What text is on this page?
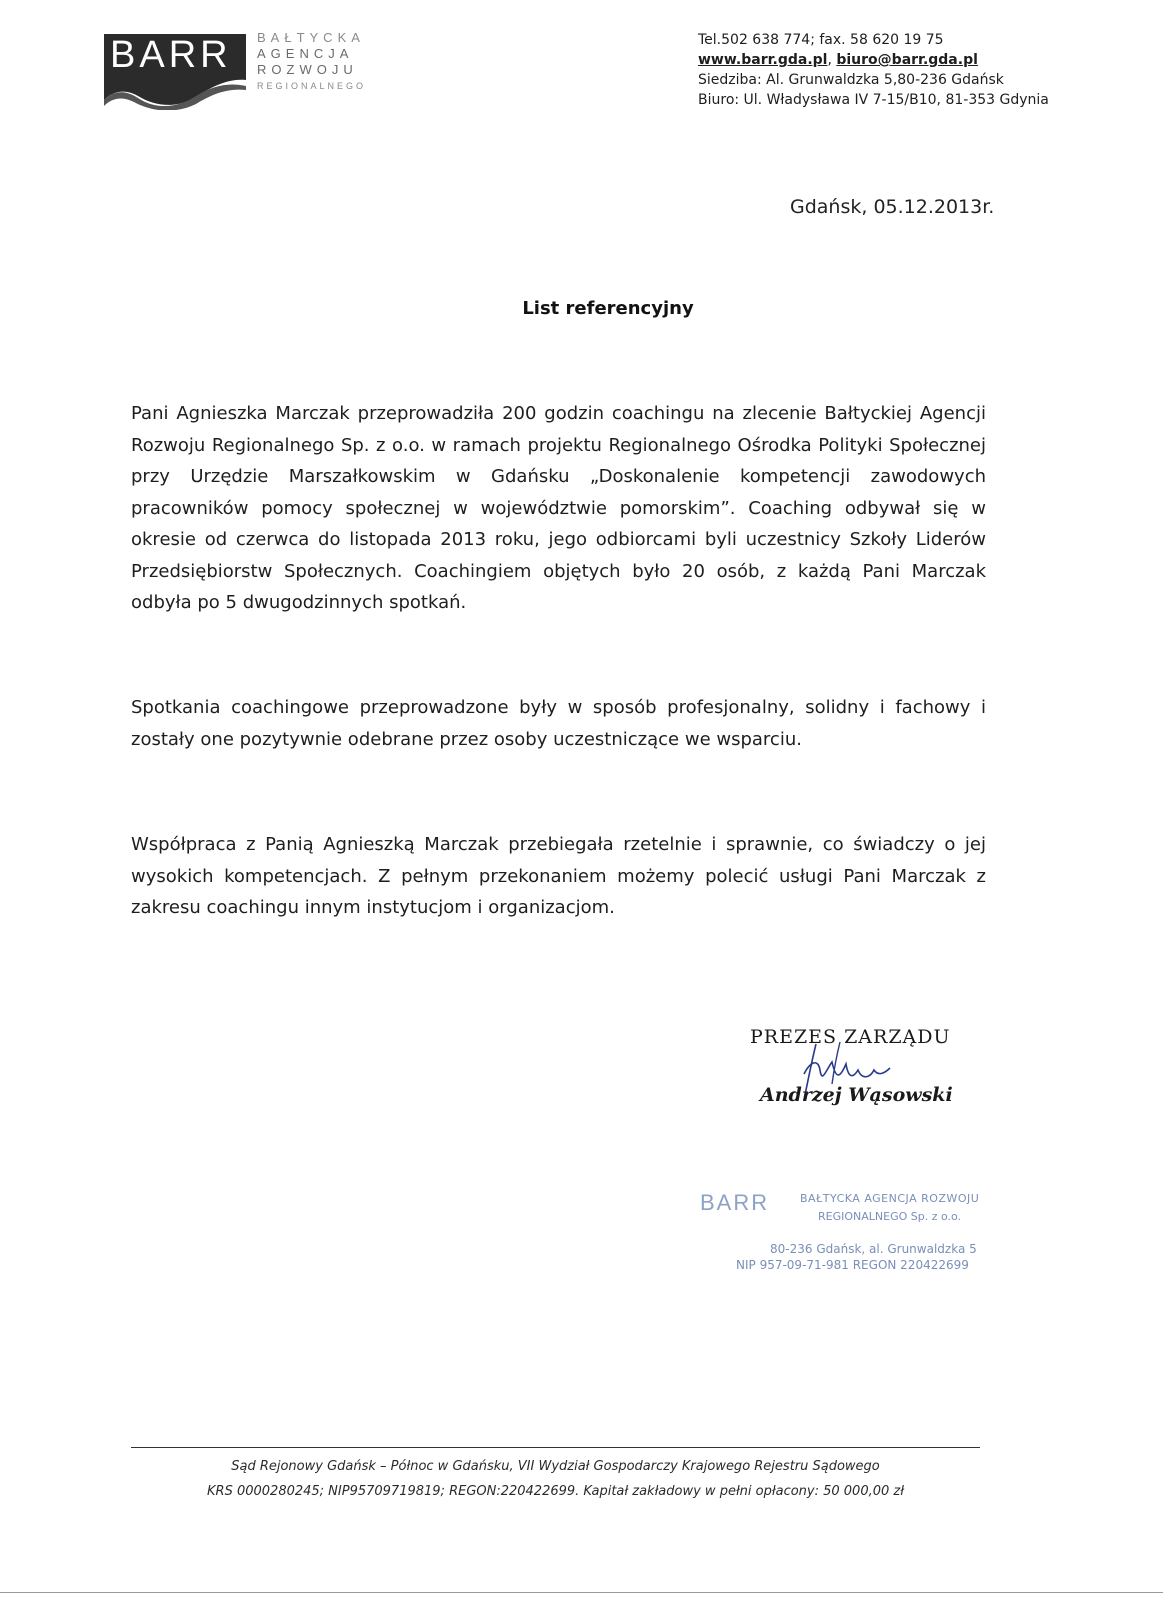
BARR BAŁTYCKA
AGENCJA
ROZWOJU
REGIONALNEGO
Tel.502 638 774; fax. 58 620 19 75
www.barr.gda.pl, biuro@barr.gda.pl
Siedziba: Al. Grunwaldzka 5,80-236 Gdańsk
Biuro: Ul. Władysława IV 7-15/B10, 81-353 Gdynia
Gdańsk, 05.12.2013r.
List referencyjny
Pani Agnieszka Marczak przeprowadziła 200 godzin coachingu na zlecenie Bałtyckiej Agencji Rozwoju Regionalnego Sp. z o.o. w ramach projektu Regionalnego Ośrodka Polityki Społecznej przy Urzędzie Marszałkowskim w Gdańsku „Doskonalenie kompetencji zawodowych pracowników pomocy społecznej w województwie pomorskim”. Coaching odbywał się w okresie od czerwca do listopada 2013 roku, jego odbiorcami byli uczestnicy Szkoły Liderów Przedsiębiorstw Społecznych. Coachingiem objętych było 20 osób, z każdą Pani Marczak odbyła po 5 dwugodzinnych spotkań.
Spotkania coachingowe przeprowadzone były w sposób profesjonalny, solidny i fachowy i zostały one pozytywnie odebrane przez osoby uczestniczące we wsparciu.
Współpraca z Panią Agnieszką Marczak przebiegała rzetelnie i sprawnie, co świadczy o jej wysokich kompetencjach. Z pełnym przekonaniem możemy polecić usługi Pani Marczak z zakresu coachingu innym instytucjom i organizacjom.
PREZES ZARZĄDU
Andrzej Wąsowski
BARR	BAŁTYCKA AGENCJA ROZWOJU
REGIONALNEGO Sp. z o.o.
80-236 Gdańsk, al. Grunwaldzka 5
NIP 957-09-71-981 REGON 220422699
Sąd Rejonowy Gdańsk – Północ w Gdańsku, VII Wydział Gospodarczy Krajowego Rejestru Sądowego
KRS 0000280245; NIP95709719819; REGON:220422699. Kapitał zakładowy w pełni opłacony: 50 000,00 zł
